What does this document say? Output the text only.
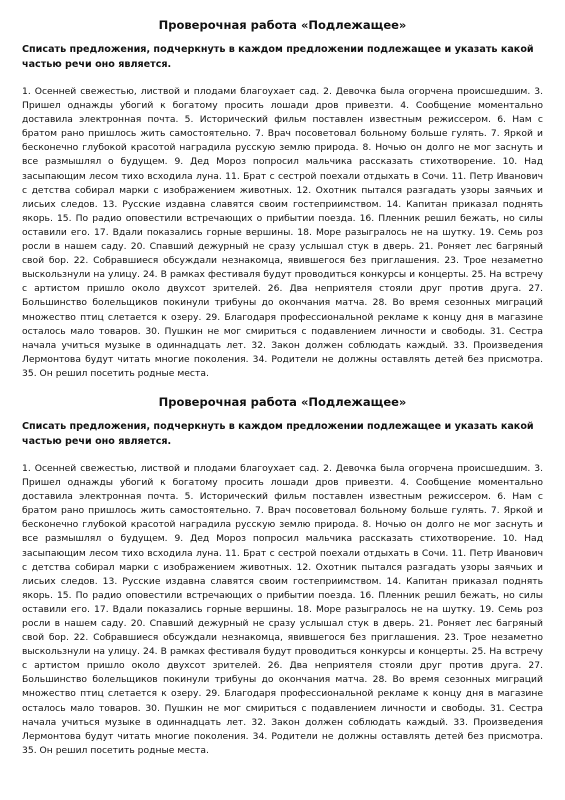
Проверочная работа «Подлежащее»

Списать предложения, подчеркнуть в каждом предложении подлежащее и указать какой частью речи оно является.

1. Осенней свежестью, листвой и плодами благоухает сад. 2. Девочка была огорчена происшедшим. 3. Пришел однажды убогий к богатому просить лошади дров привезти. 4. Сообщение моментально доставила электронная почта. 5. Исторический фильм поставлен известным режиссером. 6. Нам с братом рано пришлось жить самостоятельно. 7. Врач посоветовал больному больше гулять. 7. Яркой и бесконечно глубокой красотой наградила русскую землю природа. 8. Ночью он долго не мог заснуть и все размышлял о будущем. 9. Дед Мороз попросил мальчика рассказать стихотворение. 10. Над засыпающим лесом тихо всходила луна. 11. Брат с сестрой поехали отдыхать в Сочи. 11. Петр Иванович с детства собирал марки с изображением животных. 12. Охотник пытался разгадать узоры заячьих и лисьих следов. 13. Русские издавна славятся своим гостеприимством. 14. Капитан приказал поднять якорь. 15. По радио оповестили встречающих о прибытии поезда. 16. Пленник решил бежать, но силы оставили его. 17. Вдали показались горные вершины. 18. Море разыгралось не на шутку. 19. Семь роз росли в нашем саду. 20. Спавший дежурный не сразу услышал стук в дверь. 21. Роняет лес багряный свой бор. 22. Собравшиеся обсуждали незнакомца, явившегося без приглашения. 23. Трое незаметно выскользнули на улицу. 24. В рамках фестиваля будут проводиться конкурсы и концерты. 25. На встречу с артистом пришло около двухсот зрителей. 26. Два неприятеля стояли друг против друга. 27. Большинство болельщиков покинули трибуны до окончания матча. 28. Во время сезонных миграций множество птиц слетается к озеру. 29. Благодаря профессиональной рекламе к концу дня в магазине осталось мало товаров. 30. Пушкин не мог смириться с подавлением личности и свободы. 31. Сестра начала учиться музыке в одиннадцать лет. 32. Закон должен соблюдать каждый. 33. Произведения Лермонтова будут читать многие поколения. 34. Родители не должны оставлять детей без присмотра. 35. Он решил посетить родные места.

Проверочная работа «Подлежащее»

Списать предложения, подчеркнуть в каждом предложении подлежащее и указать какой частью речи оно является.

1. Осенней свежестью, листвой и плодами благоухает сад. 2. Девочка была огорчена происшедшим. 3. Пришел однажды убогий к богатому просить лошади дров привезти. 4. Сообщение моментально доставила электронная почта. 5. Исторический фильм поставлен известным режиссером. 6. Нам с братом рано пришлось жить самостоятельно. 7. Врач посоветовал больному больше гулять. 7. Яркой и бесконечно глубокой красотой наградила русскую землю природа. 8. Ночью он долго не мог заснуть и все размышлял о будущем. 9. Дед Мороз попросил мальчика рассказать стихотворение. 10. Над засыпающим лесом тихо всходила луна. 11. Брат с сестрой поехали отдыхать в Сочи. 11. Петр Иванович с детства собирал марки с изображением животных. 12. Охотник пытался разгадать узоры заячьих и лисьих следов. 13. Русские издавна славятся своим гостеприимством. 14. Капитан приказал поднять якорь. 15. По радио оповестили встречающих о прибытии поезда. 16. Пленник решил бежать, но силы оставили его. 17. Вдали показались горные вершины. 18. Море разыгралось не на шутку. 19. Семь роз росли в нашем саду. 20. Спавший дежурный не сразу услышал стук в дверь. 21. Роняет лес багряный свой бор. 22. Собравшиеся обсуждали незнакомца, явившегося без приглашения. 23. Трое незаметно выскользнули на улицу. 24. В рамках фестиваля будут проводиться конкурсы и концерты. 25. На встречу с артистом пришло около двухсот зрителей. 26. Два неприятеля стояли друг против друга. 27. Большинство болельщиков покинули трибуны до окончания матча. 28. Во время сезонных миграций множество птиц слетается к озеру. 29. Благодаря профессиональной рекламе к концу дня в магазине осталось мало товаров. 30. Пушкин не мог смириться с подавлением личности и свободы. 31. Сестра начала учиться музыке в одиннадцать лет. 32. Закон должен соблюдать каждый. 33. Произведения Лермонтова будут читать многие поколения. 34. Родители не должны оставлять детей без присмотра. 35. Он решил посетить родные места.
